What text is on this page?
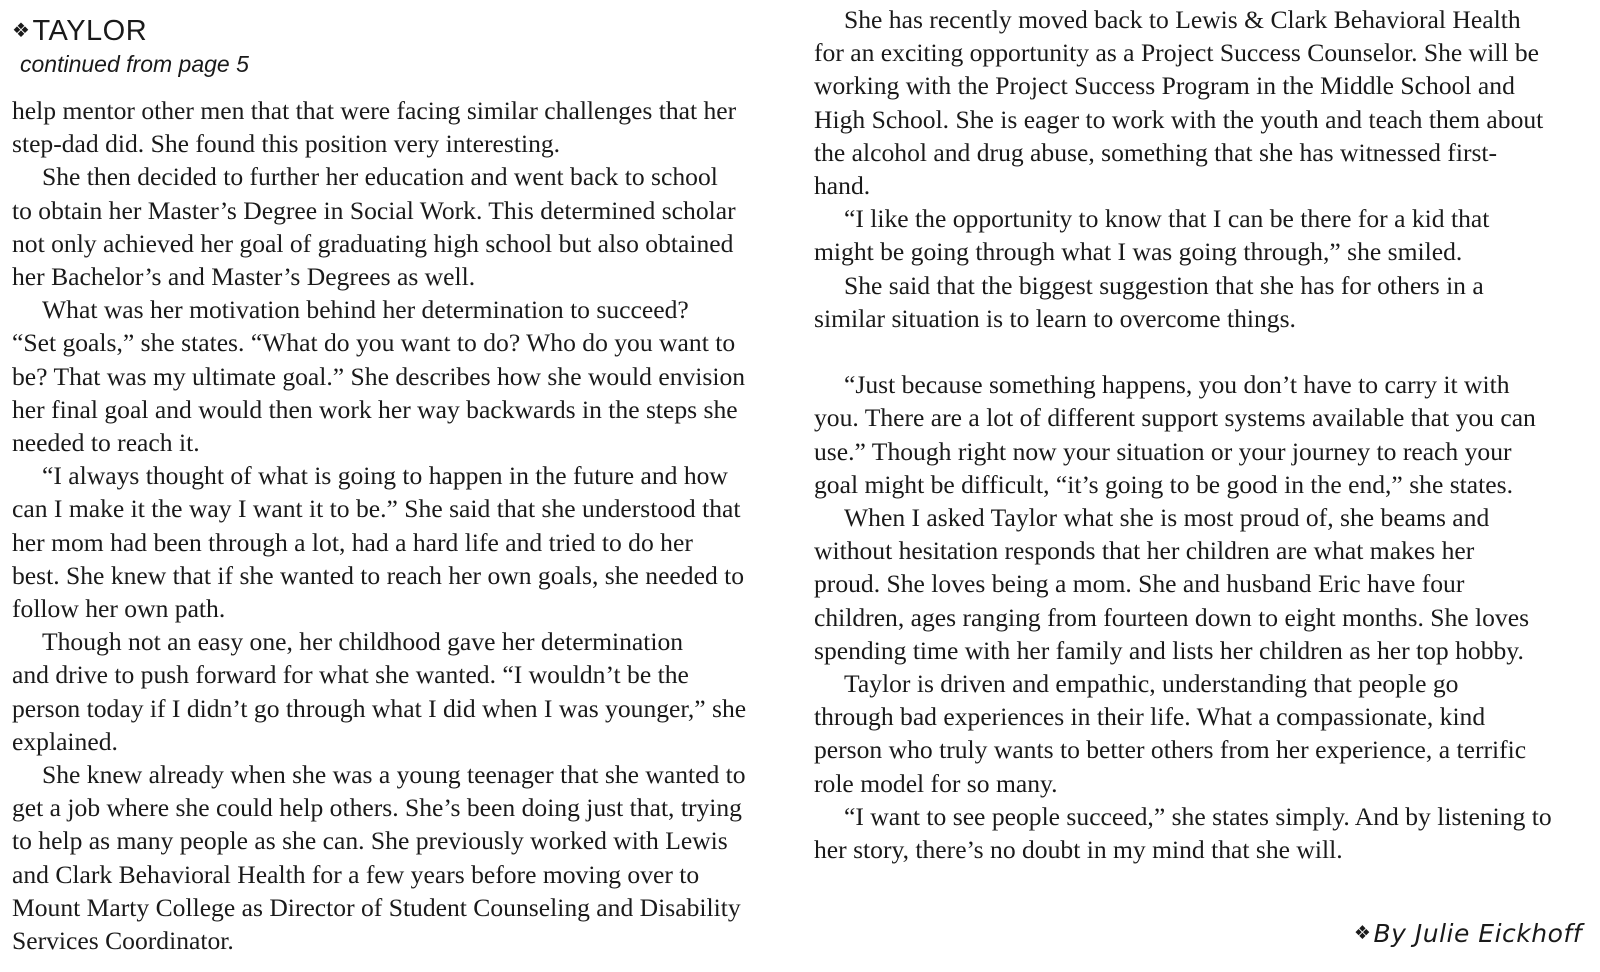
❖TAYLOR
continued from page 5

help mentor other men that that were facing similar challenges that her
step-dad did. She found this position very interesting.

She then decided to further her education and went back to school
to obtain her Master’s Degree in Social Work. This determined scholar
not only achieved her goal of graduating high school but also obtained
her Bachelor’s and Master’s Degrees as well.

What was her motivation behind her determination to succeed?
“Set goals,” she states. “What do you want to do? Who do you want to
be? That was my ultimate goal.” She describes how she would envision
her final goal and would then work her way backwards in the steps she
needed to reach it.

“I always thought of what is going to happen in the future and how
can I make it the way I want it to be.” She said that she understood that
her mom had been through a lot, had a hard life and tried to do her
best. She knew that if she wanted to reach her own goals, she needed to
follow her own path.

Though not an easy one, her childhood gave her determination
and drive to push forward for what she wanted. “I wouldn’t be the
person today if I didn’t go through what I did when I was younger,” she
explained.

She knew already when she was a young teenager that she wanted to
get a job where she could help others. She’s been doing just that, trying
to help as many people as she can. She previously worked with Lewis
and Clark Behavioral Health for a few years before moving over to
Mount Marty College as Director of Student Counseling and Disability
Services Coordinator.

She has recently moved back to Lewis & Clark Behavioral Health
for an exciting opportunity as a Project Success Counselor. She will be
working with the Project Success Program in the Middle School and
High School. She is eager to work with the youth and teach them about
the alcohol and drug abuse, something that she has witnessed first-
hand.

“I like the opportunity to know that I can be there for a kid that
might be going through what I was going through,” she smiled.

She said that the biggest suggestion that she has for others in a
similar situation is to learn to overcome things.

“Just because something happens, you don’t have to carry it with
you. There are a lot of different support systems available that you can
use.” Though right now your situation or your journey to reach your
goal might be difficult, “it’s going to be good in the end,” she states.

When I asked Taylor what she is most proud of, she beams and
without hesitation responds that her children are what makes her
proud. She loves being a mom. She and husband Eric have four
children, ages ranging from fourteen down to eight months. She loves
spending time with her family and lists her children as her top hobby.

Taylor is driven and empathic, understanding that people go
through bad experiences in their life. What a compassionate, kind
person who truly wants to better others from her experience, a terrific
role model for so many.

“I want to see people succeed,” she states simply. And by listening to
her story, there’s no doubt in my mind that she will.

❖By Julie Eickhoff
